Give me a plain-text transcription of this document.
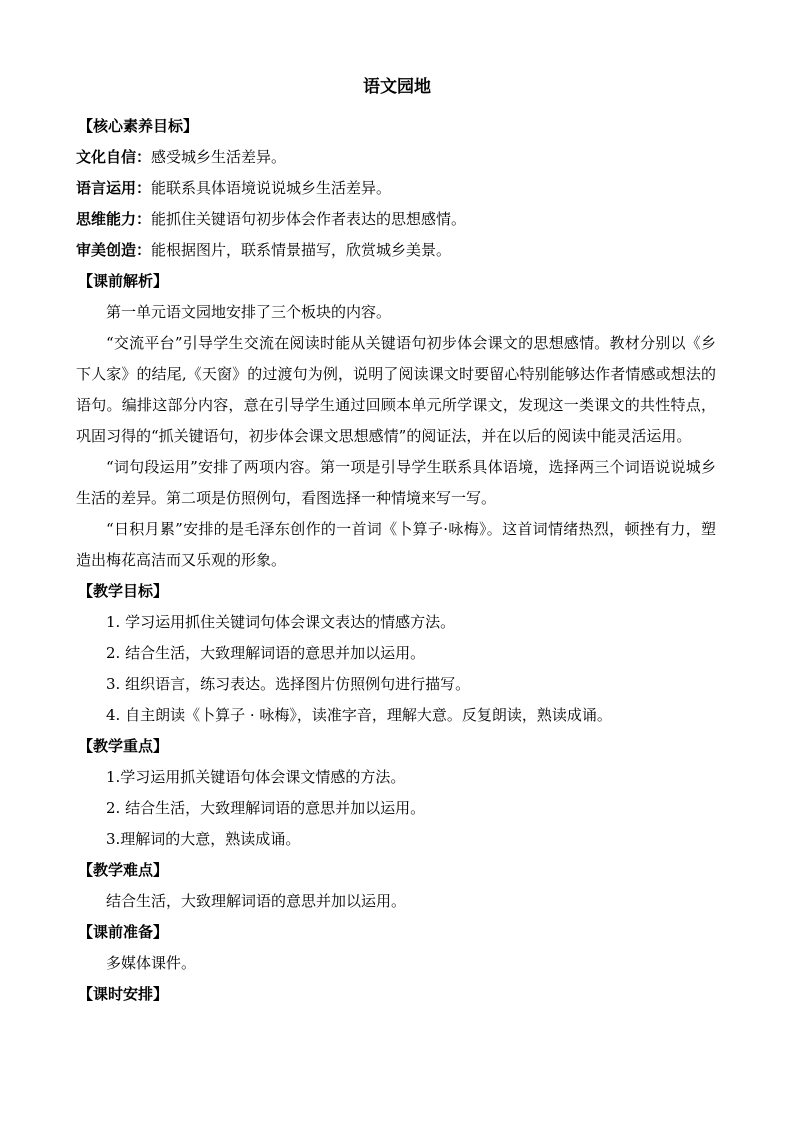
语文园地
【核心素养目标】
文化自信：感受城乡生活差异。
语言运用：能联系具体语境说说城乡生活差异。
思维能力：能抓住关键语句初步体会作者表达的思想感情。
审美创造：能根据图片，联系情景描写，欣赏城乡美景。
【课前解析】
第一单元语文园地安排了三个板块的内容。
“交流平台”引导学生交流在阅读时能从关键语句初步体会课文的思想感情。教材分别以《乡下人家》的结尾,《天窗》的过渡句为例，说明了阅读课文时要留心特别能够达作者情感或想法的语句。编排这部分内容，意在引导学生通过回顾本单元所学课文，发现这一类课文的共性特点，巩固习得的“抓关键语句，初步体会课文思想感情”的阅证法，并在以后的阅读中能灵活运用。
“词句段运用”安排了两项内容。第一项是引导学生联系具体语境，选择两三个词语说说城乡生活的差异。第二项是仿照例句，看图选择一种情境来写一写。
“日积月累”安排的是毛泽东创作的一首词《卜算子·咏梅》。这首词情绪热烈，顿挫有力，塑造出梅花高洁而又乐观的形象。
【教学目标】
1. 学习运用抓住关键词句体会课文表达的情感方法。
2. 结合生活，大致理解词语的意思并加以运用。
3. 组织语言，练习表达。选择图片仿照例句进行描写。
4. 自主朗读《卜算子 · 咏梅》，读准字音，理解大意。反复朗读，熟读成诵。
【教学重点】
1.学习运用抓关键语句体会课文情感的方法。
2. 结合生活，大致理解词语的意思并加以运用。
3.理解词的大意，熟读成诵。
【教学难点】
结合生活，大致理解词语的意思并加以运用。
【课前准备】
多媒体课件。
【课时安排】
